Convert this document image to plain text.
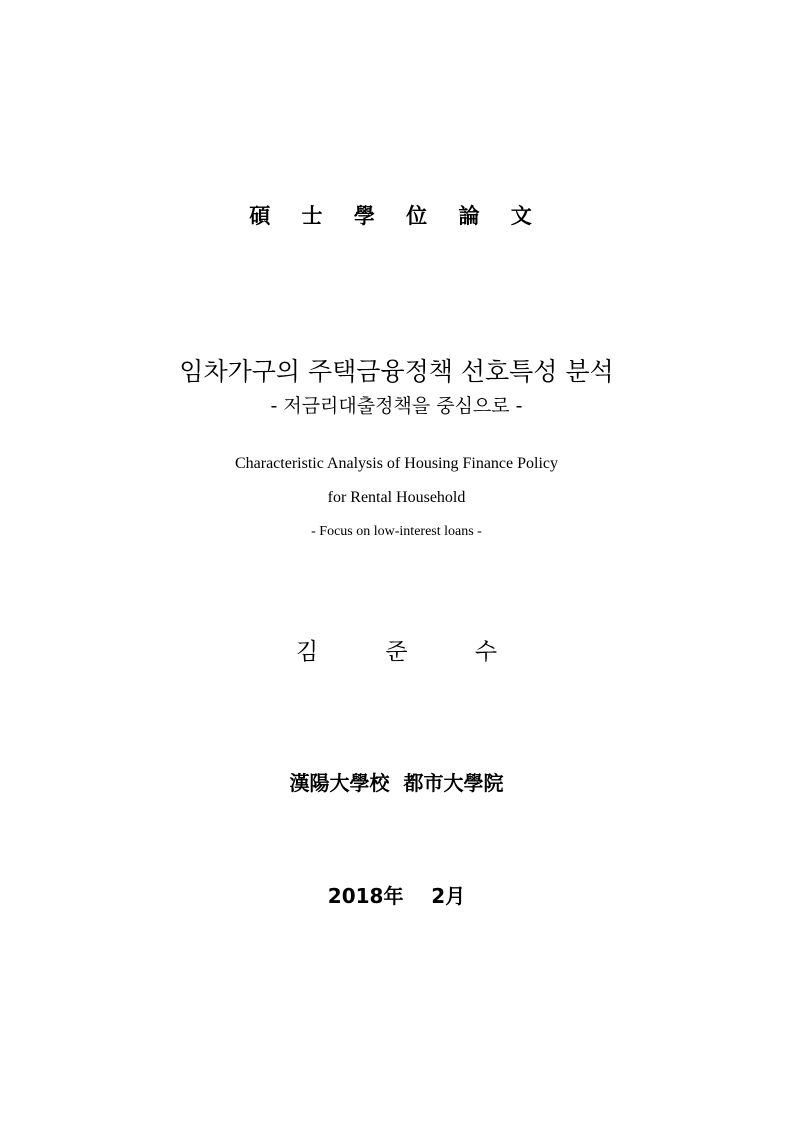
碩 士 學 位 論 文
임차가구의 주택금융정책 선호특성 분석
- 저금리대출정책을 중심으로 -
Characteristic Analysis of Housing Finance Policy
for Rental Household
- Focus on low-interest loans -
김 준 수
漢陽大學校  都市大學院
2018年    2月
